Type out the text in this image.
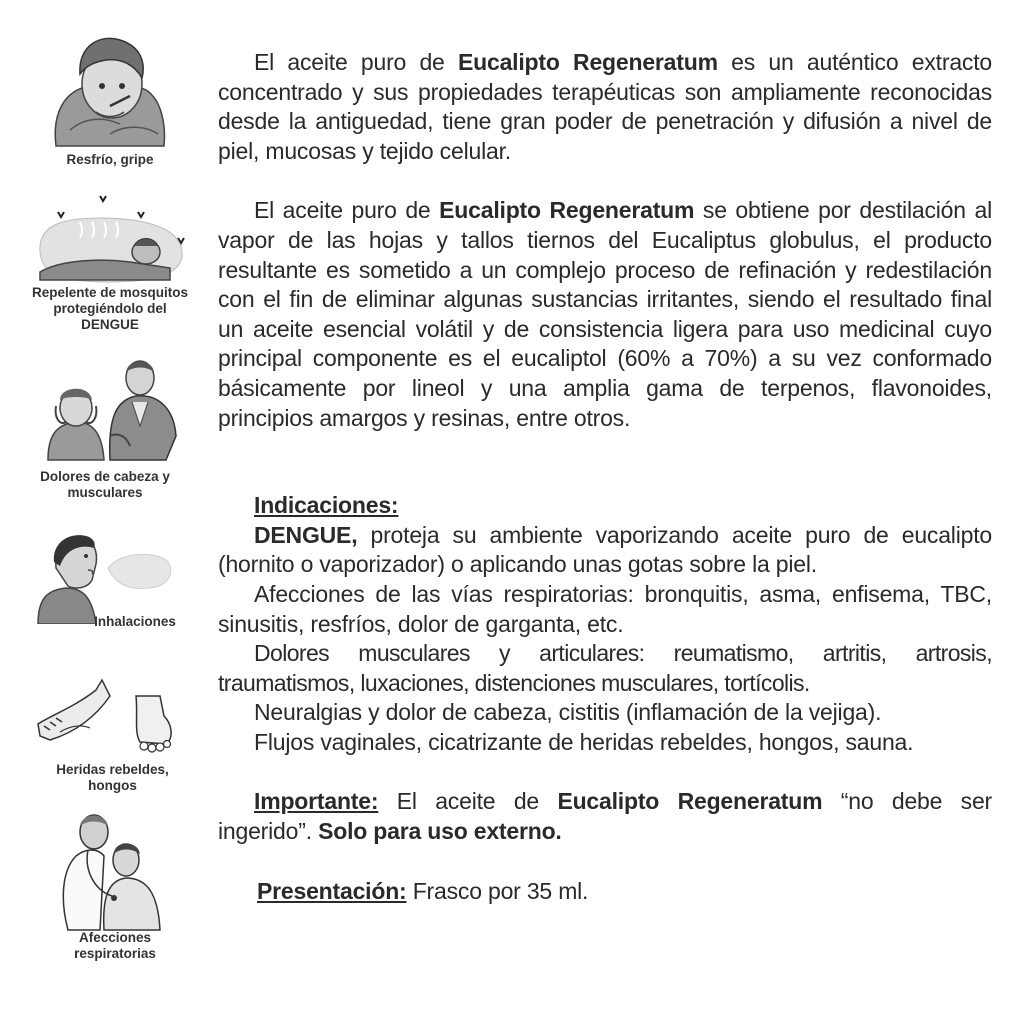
Resfrío, gripe
Repelente de mosquitos
protegiéndolo del
DENGUE
Dolores de cabeza y
musculares
Inhalaciones
Heridas rebeldes,
hongos
Afecciones
respiratorias

El aceite puro de Eucalipto Regeneratum es un auténtico extracto concentrado y sus propiedades terapéuticas son ampliamente reconocidas desde la antiguedad, tiene gran poder de penetración y difusión a nivel de piel, mucosas y tejido celular.

El aceite puro de Eucalipto Regeneratum se obtiene por destilación al vapor de las hojas y tallos tiernos del Eucaliptus globulus, el producto resultante es sometido a un complejo proceso de refinación y redestilación con el fin de eliminar algunas sustancias irritantes, siendo el resultado final un aceite esencial volátil y de consistencia ligera para uso medicinal cuyo principal componente es el eucaliptol (60% a 70%) a su vez conformado básicamente por lineol y una amplia gama de terpenos, flavonoides, principios amargos y resinas, entre otros.

Indicaciones:

DENGUE, proteja su ambiente vaporizando aceite puro de eucalipto (hornito o vaporizador) o aplicando unas gotas sobre la piel.

Afecciones de las vías respiratorias: bronquitis, asma, enfisema, TBC, sinusitis, resfríos, dolor de garganta, etc.

Dolores musculares y articulares: reumatismo, artritis, artrosis, traumatismos, luxaciones, distenciones musculares, tortícolis.

Neuralgias y dolor de cabeza, cistitis (inflamación de la vejiga).

Flujos vaginales, cicatrizante de heridas rebeldes, hongos, sauna.

Importante: El aceite de Eucalipto Regeneratum “no debe ser ingerido”. Solo para uso externo.

Presentación: Frasco por 35 ml.
